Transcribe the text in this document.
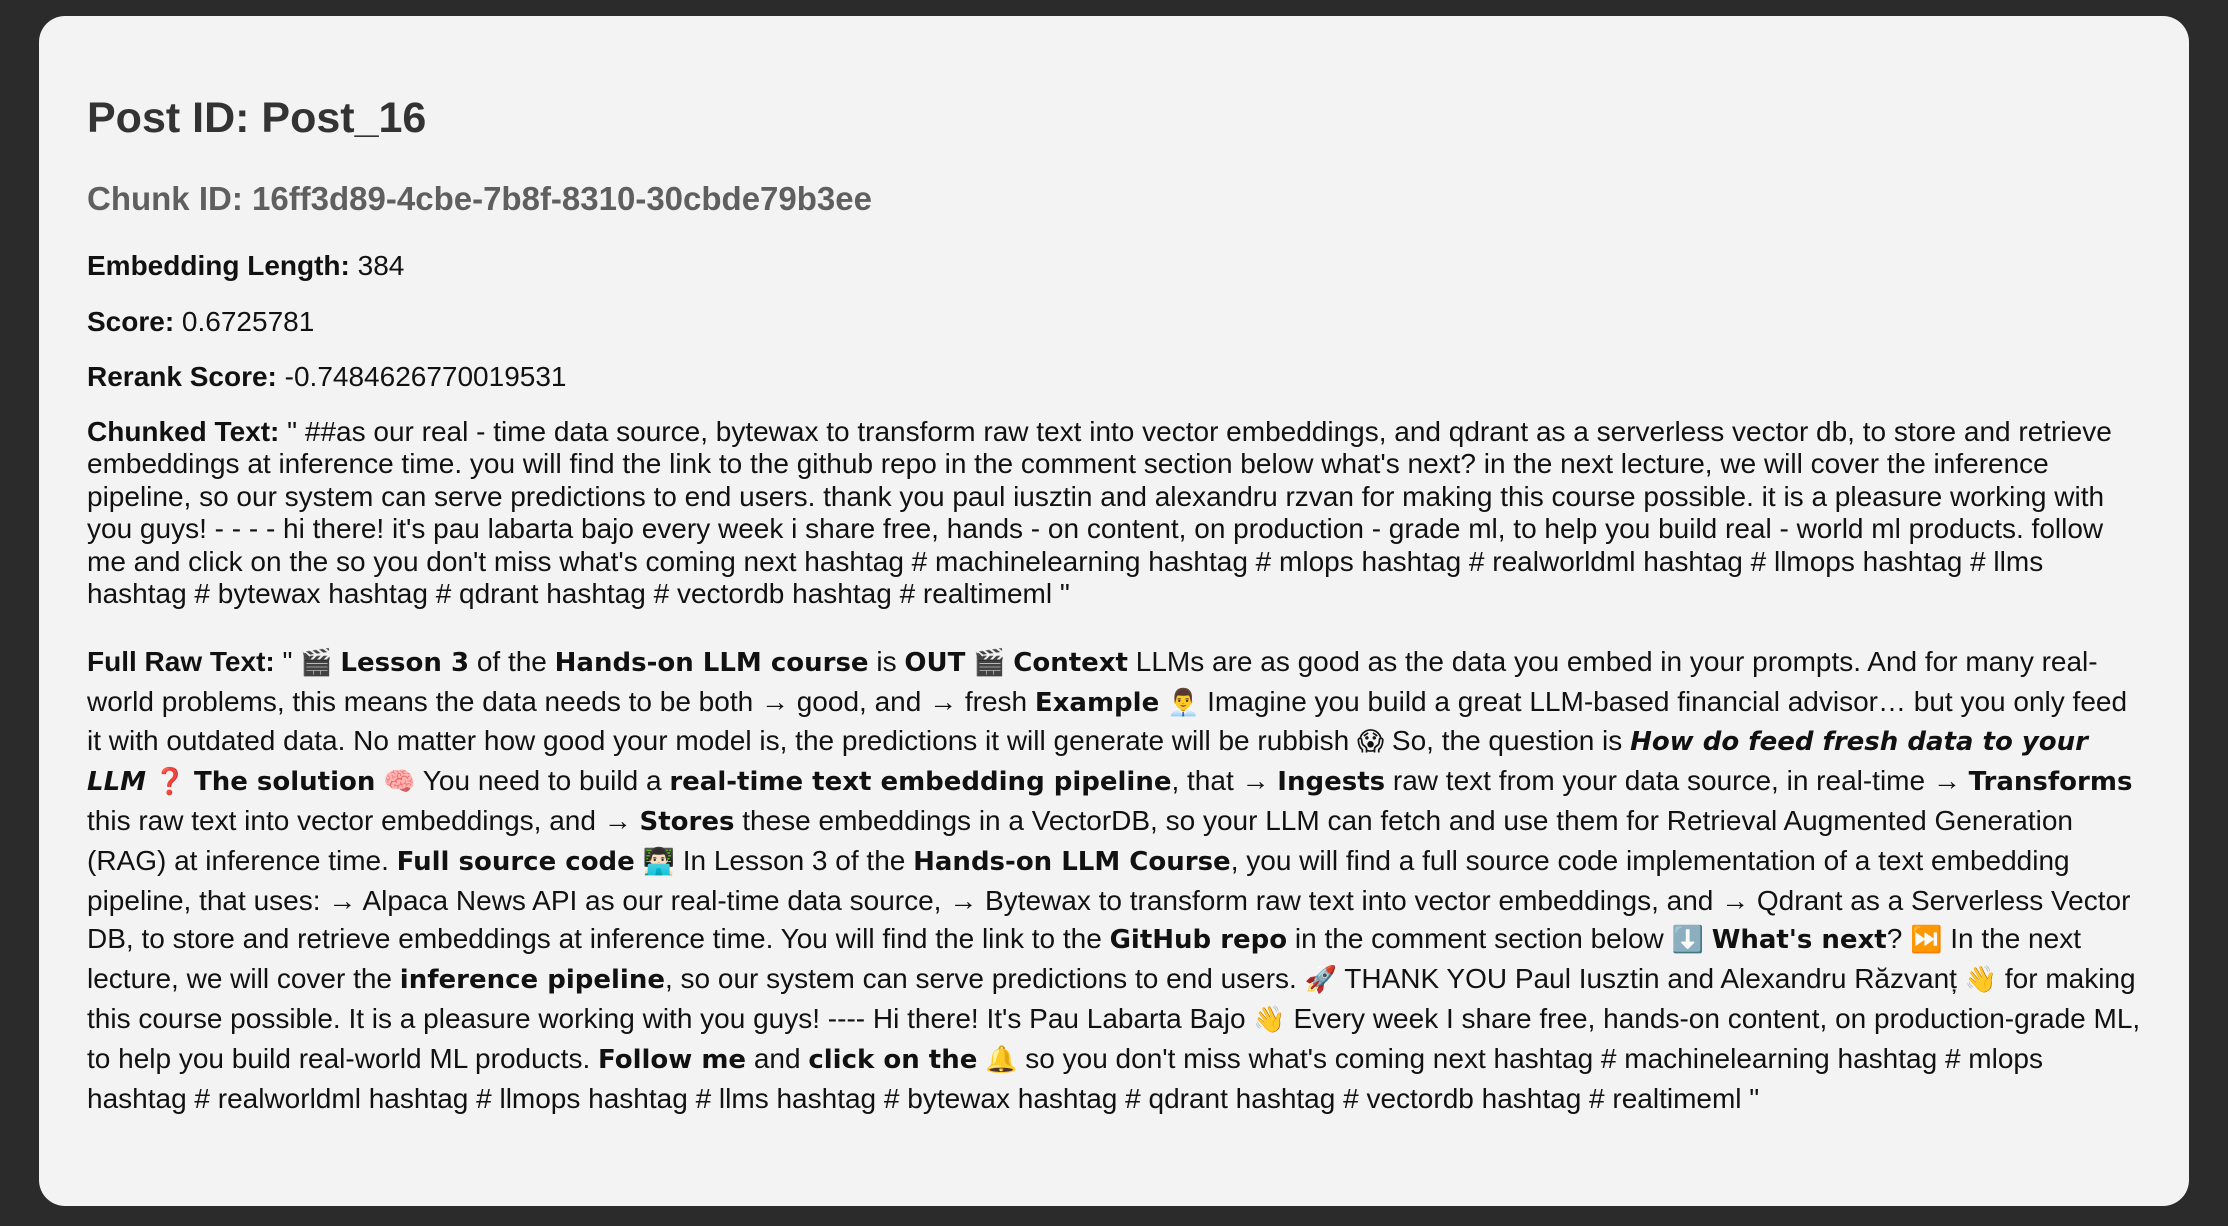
Post ID: Post_16
Chunk ID: 16ff3d89-4cbe-7b8f-8310-30cbde79b3ee

Embedding Length: 384

Score: 0.6725781

Rerank Score: -0.7484626770019531

Chunked Text: " ##as our real - time data source, bytewax to transform raw text into vector embeddings, and qdrant as a serverless vector db, to store and retrieve embeddings at inference time. you will find the link to the github repo in the comment section below what's next? in the next lecture, we will cover the inference pipeline, so our system can serve predictions to end users. thank you paul iusztin and alexandru rzvan for making this course possible. it is a pleasure working with you guys! - - - - hi there! it's pau labarta bajo every week i share free, hands - on content, on production - grade ml, to help you build real - world ml products. follow me and click on the so you don't miss what's coming next hashtag # machinelearning hashtag # mlops hashtag # realworldml hashtag # llmops hashtag # llms hashtag # bytewax hashtag # qdrant hashtag # vectordb hashtag # realtimeml "

Full Raw Text: " 🎬 Lesson 3 of the Hands-on LLM course is OUT 🎬 Context LLMs are as good as the data you embed in your prompts. And for many real-world problems, this means the data needs to be both → good, and → fresh Example 👨‍💼 Imagine you build a great LLM-based financial advisor… but you only feed it with outdated data. No matter how good your model is, the predictions it will generate will be rubbish 😱 So, the question is How do feed fresh data to your LLM ❓ The solution 🧠 You need to build a real-time text embedding pipeline, that → Ingests raw text from your data source, in real-time → Transforms this raw text into vector embeddings, and → Stores these embeddings in a VectorDB, so your LLM can fetch and use them for Retrieval Augmented Generation (RAG) at inference time. Full source code 👨🏻‍💻 In Lesson 3 of the Hands-on LLM Course, you will find a full source code implementation of a text embedding pipeline, that uses: → Alpaca News API as our real-time data source, → Bytewax to transform raw text into vector embeddings, and → Qdrant as a Serverless Vector DB, to store and retrieve embeddings at inference time. You will find the link to the GitHub repo in the comment section below ⬇️ What's next? ⏭️ In the next lecture, we will cover the inference pipeline, so our system can serve predictions to end users. 🚀 THANK YOU Paul Iusztin and Alexandru Răzvanț 👋 for making this course possible. It is a pleasure working with you guys! ---- Hi there! It's Pau Labarta Bajo 👋 Every week I share free, hands-on content, on production-grade ML, to help you build real-world ML products. Follow me and click on the 🔔 so you don't miss what's coming next hashtag # machinelearning hashtag # mlops hashtag # realworldml hashtag # llmops hashtag # llms hashtag # bytewax hashtag # qdrant hashtag # vectordb hashtag # realtimeml "
